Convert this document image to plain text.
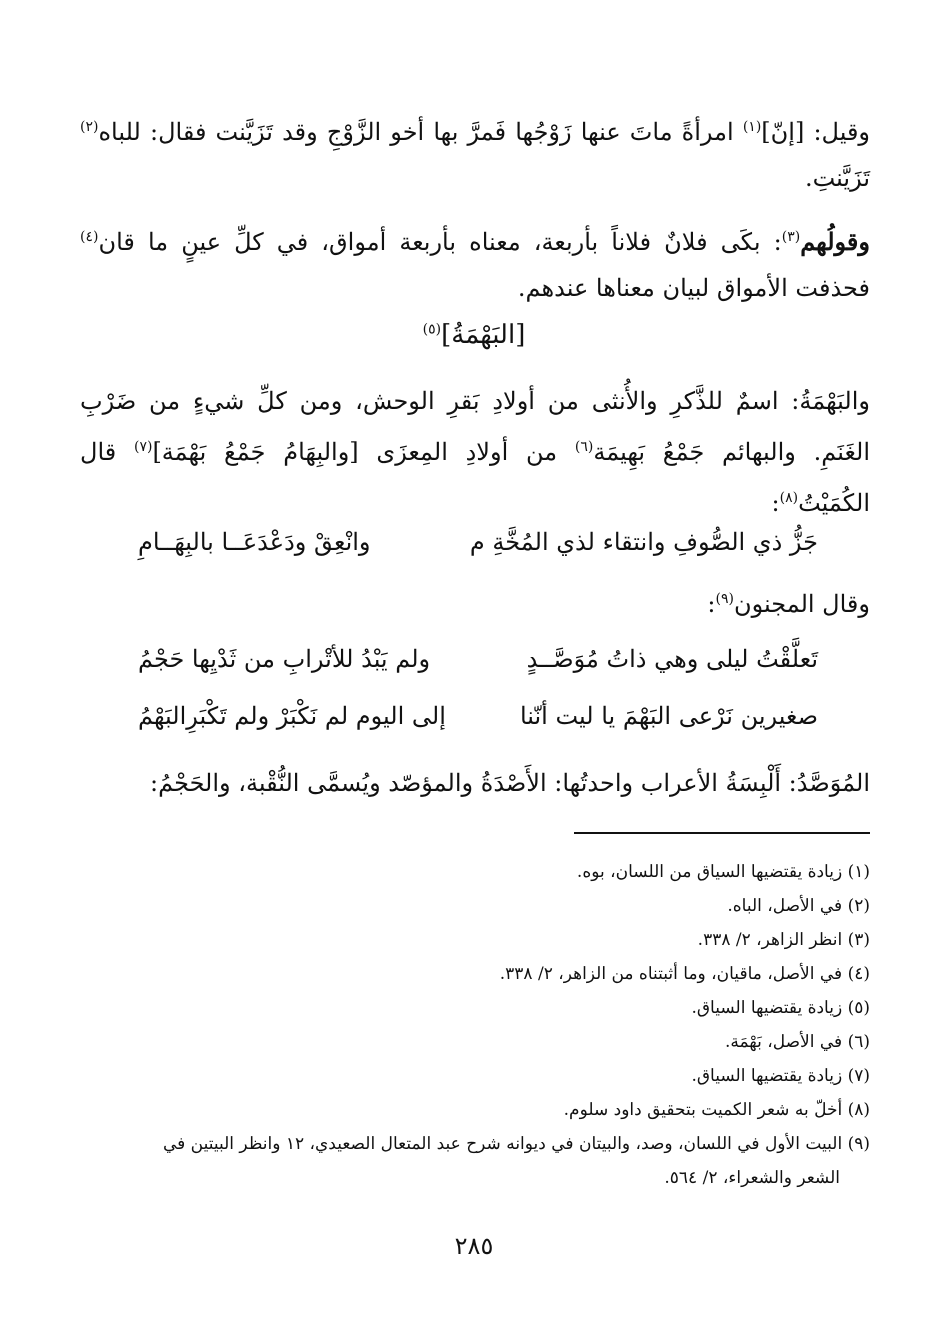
وقيل: [إنّ]$^{(١)}$ امرأةً ماتَ عنها زَوْجُها فَمرَّ بها أخو الزَّوْجِ وقد تَزَيَّنت فقال: للباه$^{(٢)}$ تَزَيَّنتِ.
وقولُهم$^{(٣)}$: بكَى فلانٌ فلاناً بأربعة، معناه بأربعة أمواق، في كلِّ عينٍ ما قان$^{(٤)}$ فحذفت الأمواق لبيان معناها عندهم.
[البَهْمَةُ]$^{(٥)}$
والبَهْمَةُ: اسمٌ للذَّكرِ والأُنثى من أولادِ بَقرِ الوحش، ومن كلِّ شيءٍ من ضَرْبِ الغَنَمِ. والبهائم جَمْعُ بَهِيمَة$^{(٦)}$ من أولادِ المِعزَى [والبِهَامُ جَمْعُ بَهْمَة]$^{(٧)}$ قال الكُمَيْتُ$^{(٨)}$:
جَزُّ ذي الصُّوفِ وانتقاء لذي المُخَّةِ م
وانْعِقْ ودَعْدَعَــا بالبِهَــامِ
وقال المجنون$^{(٩)}$:
تَعلَّقْتُ ليلى وهي ذاتُ مُوَصَّــدٍ
ولم يَبْدُ للأتْرابِ من ثَدْيِها حَجْمُ
صغيرين نَرْعى البَهْمَ يا ليت أنّنا
إلى اليوم لم نَكْبَرْ ولم تَكْبَرِالبَهْمُ
المُوَصَّدُ: أَلْبِسَةُ الأعراب واحدتُها: الأَصْدَةُ والمؤصّد ويُسمَّى النُّقْبة، والحَجْمُ:
(١) زيادة يقتضيها السياق من اللسان، بوه.
(٢) في الأصل، الباه.
(٣) انظر الزاهر، ٢/ ٣٣٨.
(٤) في الأصل، ماقيان، وما أثبتناه من الزاهر، ٢/ ٣٣٨.
(٥) زيادة يقتضيها السياق.
(٦) في الأصل، بَهْمَة.
(٧) زيادة يقتضيها السياق.
(٨) أخلّ به شعر الكميت بتحقيق داود سلوم.
(٩) البيت الأول في اللسان، وصد، والبيتان في ديوانه شرح عبد المتعال الصعيدي، ١٢ وانظر البيتين في
الشعر والشعراء، ٢/ ٥٦٤.
٢٨٥
